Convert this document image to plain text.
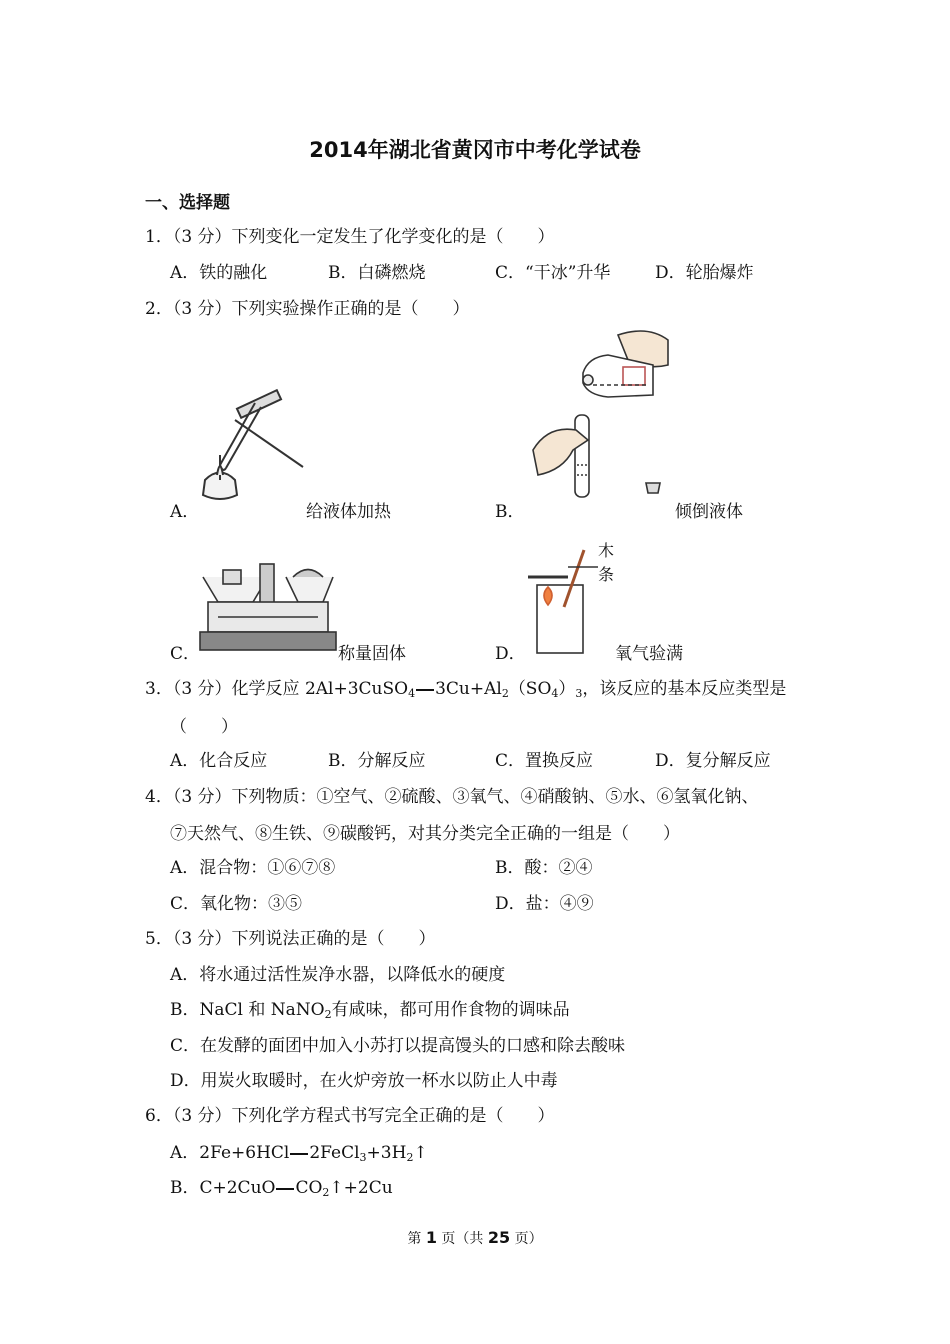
2014年湖北省黄冈市中考化学试卷
一、选择题
1．（3 分）下列变化一定发生了化学变化的是（　　）
A．铁的融化	B．白磷燃烧	C．“干冰”升华	D．轮胎爆炸
2．（3 分）下列实验操作正确的是（　　）
A．	给液体加热	B．	倾倒液体
C．	称量固体
木
条
D．	氧气验满
3．（3 分）化学反应 2Al+3CuSO$_4$ $3Cu+Al_2(SO_4)_3$，该反应的基本反应类型是
（　　）
A．化合反应	B．分解反应	C．置换反应	D．复分解反应
4．（3 分）下列物质：①空气、②硫酸、③氧气、④硝酸钠、⑤水、⑥氢氧化钠、
⑦天然气、⑧生铁、⑨碳酸钙，对其分类完全正确的一组是（　　）
A．混合物：①⑥⑦⑧	B．酸：②④
C．氧化物：③⑤	D．盐：④⑨
5．（3 分）下列说法正确的是（　　）
A．将水通过活性炭净水器，以降低水的硬度
B．NaCl 和 NaNO$_2$有咸味，都可用作食物的调味品
C．在发酵的面团中加入小苏打以提高馒头的口感和除去酸味
D．用炭火取暖时，在火炉旁放一杯水以防止人中毒
6．（3 分）下列化学方程式书写完全正确的是（　　）
A．2Fe+6HCl $2FeCl_3+3H_2↑$
B．C+2CuO $CO_2↑+2Cu$
第 1 页（共 25 页）
